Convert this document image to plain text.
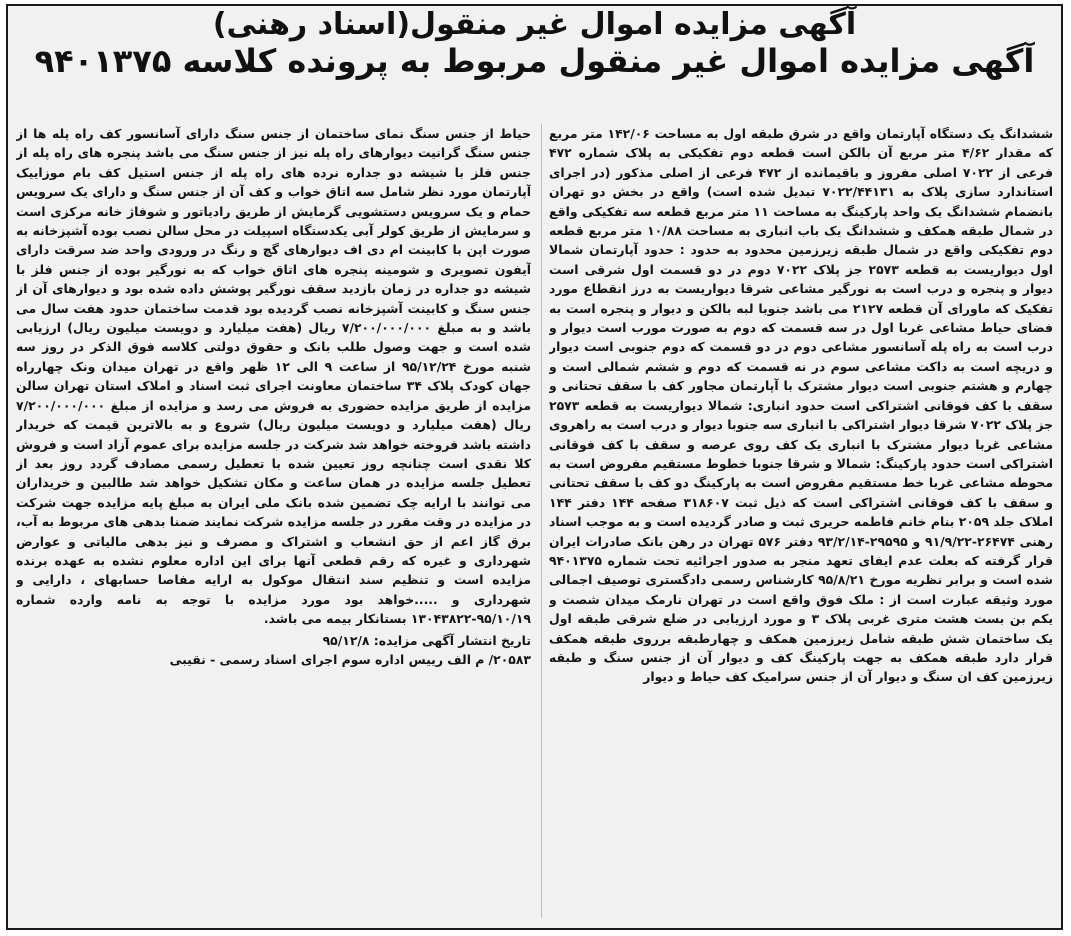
آگهی مزایده اموال غیر منقول(اسناد رهنی)
آگهی مزایده اموال غیر منقول مربوط به پرونده کلاسه ۹۴۰۱۳۷۵

ششدانگ یک دستگاه آپارتمان واقع در شرق طبقه اول به مساحت ۱۴۲/۰۶ متر مربع که مقدار ۴/۶۲ متر مربع آن بالکن است قطعه دوم تفکیکی به پلاک شماره ۴۷۲ فرعی از ۷۰۲۲ اصلی مفروز و باقیمانده از ۴۷۲ فرعی از اصلی مذکور (در اجرای استاندارد سازی پلاک به ۷۰۲۲/۴۴۱۳۱ تبدیل شده است) واقع در بخش دو تهران بانضمام ششدانگ یک واحد پارکینگ به مساحت ۱۱ متر مربع قطعه سه تفکیکی واقع در شمال طبقه همکف و ششدانگ یک باب انباری به مساحت ۱۰/۸۸ متر مربع قطعه دوم تفکیکی واقع در شمال طبقه زیرزمین محدود به حدود : حدود آپارتمان شمالا اول دیواریست به قطعه ۲۵۷۳ جز پلاک ۷۰۲۲ دوم در دو قسمت اول شرقی است دیوار و پنجره و درب است به نورگیر مشاعی شرقا دیواریست به درز انقطاع مورد تفکیک که ماورای آن قطعه ۲۱۲۷ می باشد جنوبا لبه بالکن و دیوار و پنجره است به فضای حیاط مشاعی غربا اول در سه قسمت که دوم به صورت مورب است دیوار و درب است به راه پله آسانسور مشاعی دوم در دو قسمت که دوم جنوبی است دیوار و دریچه است به داکت مشاعی سوم در نه قسمت که دوم و ششم شمالی است و چهارم و هشتم جنوبی است دیوار مشترک با آپارتمان مجاور کف با سقف تحتانی و سقف با کف فوقانی اشتراکی است حدود انباری: شمالا دیواریست به قطعه ۲۵۷۳ جز پلاک ۷۰۲۲ شرقا دیوار اشتراکی با انباری سه جنوبا دیوار و درب است به راهروی مشاعی غربا دیوار مشترک با انباری یک کف روی عرصه و سقف با کف فوقانی اشتراکی است حدود پارکینگ: شمالا و شرقا جنوبا خطوط مستقیم مفروض است به محوطه مشاعی غربا خط مستقیم مفروض است به پارکینگ دو کف با سقف تحتانی و سقف با کف فوقانی اشتراکی است که ذیل ثبت ۳۱۸۶۰۷ صفحه ۱۴۴ دفتر ۱۴۴ املاک جلد ۲۰۵۹ بنام خانم فاطمه حریری ثبت و صادر گردیده است و به موجب اسناد رهنی ۲۶۴۷۴-۹۱/۹/۲۲ و ۲۹۵۹۵-۹۳/۲/۱۴ دفتر ۵۷۶ تهران در رهن بانک صادرات ایران قرار گرفته که بعلت عدم ایفای تعهد منجر به صدور اجرائیه تحت شماره ۹۴۰۱۳۷۵ شده است و برابر نظریه مورخ ۹۵/۸/۲۱ کارشناس رسمی دادگستری توصیف اجمالی مورد وثیقه عبارت است از : ملک فوق واقع است در تهران نارمک میدان شصت و یکم بن بست هشت متری غربی پلاک ۳ و مورد ارزیابی در ضلع شرقی طبقه اول یک ساختمان شش طبقه شامل زیرزمین همکف و چهارطبقه برروی طبقه همکف قرار دارد طبقه همکف به جهت پارکینگ کف و دیوار آن از جنس سنگ و طبقه زیرزمین کف ان سنگ و دیوار آن از جنس سرامیک کف حیاط و دیوار

حیاط از جنس سنگ نمای ساختمان از جنس سنگ دارای آسانسور کف راه پله ها از جنس سنگ گرانیت دیوارهای راه پله نیز از جنس سنگ می باشد پنجره های راه پله از جنس فلز با شیشه دو جداره نرده های راه پله از جنس استیل کف بام موزاییک آپارتمان مورد نظر شامل سه اتاق خواب و کف آن از جنس سنگ و دارای یک سرویس حمام و یک سرویس دستشویی گرمایش از طریق رادیاتور و شوفاژ خانه مرکزی است و سرمایش از طریق کولر آبی یکدستگاه اسپیلت در محل سالن نصب بوده آشپزخانه به صورت اپن با کابینت ام دی اف دیوارهای گچ و رنگ در ورودی واحد ضد سرقت دارای آیفون تصویری و شومینه پنجره های اتاق خواب که به نورگیر بوده از جنس فلز با شیشه دو جداره در زمان بازدید سقف نورگیر پوشش داده شده بود و دیوارهای آن از جنس سنگ و کابینت آشپزخانه نصب گردیده بود قدمت ساختمان حدود هفت سال می باشد و به مبلغ ۷/۲۰۰/۰۰۰/۰۰۰ ریال (هفت میلیارد و دویست میلیون ریال) ارزیابی شده است و جهت وصول طلب بانک و حقوق دولتی کلاسه فوق الذکر در روز سه شنبه مورخ ۹۵/۱۲/۲۴ از ساعت ۹ الی ۱۲ ظهر واقع در تهران میدان ونک چهارراه جهان کودک پلاک ۳۴ ساختمان معاونت اجرای ثبت اسناد و املاک استان تهران سالن مزایده از طریق مزایده حضوری به فروش می رسد و مزایده از مبلغ ۷/۲۰۰/۰۰۰/۰۰۰ ریال (هفت میلیارد و دویست میلیون ریال) شروع و به بالاترین قیمت که خریدار داشته باشد فروخته خواهد شد شرکت در جلسه مزایده برای عموم آزاد است و فروش کلا نقدی است چنانچه روز تعیین شده با تعطیل رسمی مصادف گردد روز بعد از تعطیل جلسه مزایده در همان ساعت و مکان تشکیل خواهد شد طالبین و خریداران می توانند با ارایه چک تضمین شده بانک ملی ایران به مبلغ پایه مزایده جهت شرکت در مزایده در وقت مقرر در جلسه مزایده شرکت نمایند ضمنا بدهی های مربوط به آب، برق گاز اعم از حق انشعاب و اشتراک و مصرف و نیز بدهی مالیاتی و عوارض شهرداری و غیره که رقم قطعی آنها برای این اداره معلوم نشده به عهده برنده مزایده است و تنظیم سند انتقال موکول به ارایه مفاصا حسابهای ، دارایی و شهرداری و .....خواهد بود مورد مزایده با توجه به نامه وارده شماره ۹۵/۱۰/۱۹-۱۳۰۴۳۸۲۲ بستانکار بیمه می باشد.

تاریخ انتشار آگهی مزایده: ۹۵/۱۲/۸
۲۰۵۸۳/ م الف رییس اداره سوم اجرای اسناد رسمی - نقیبی
